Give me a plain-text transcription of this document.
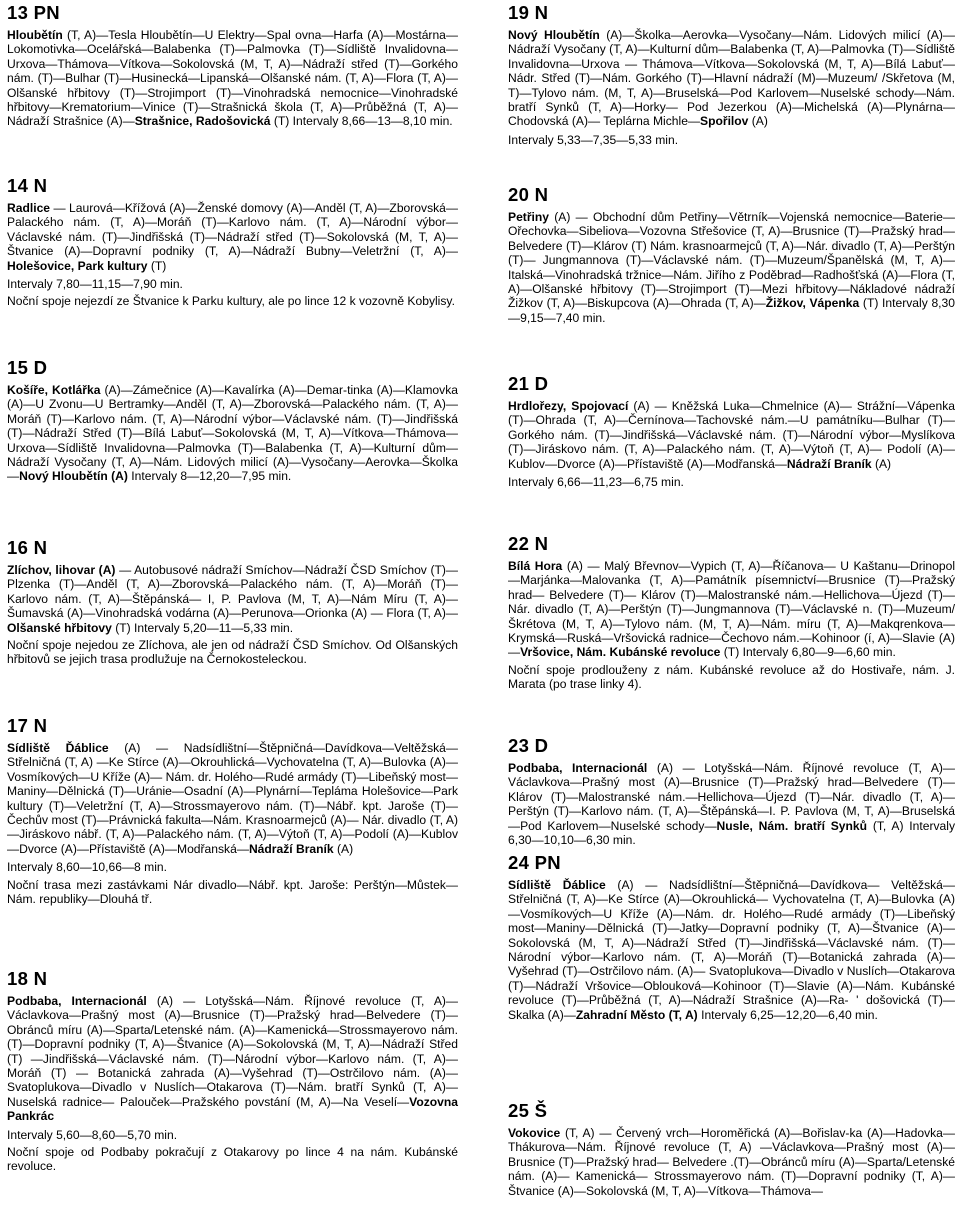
13 PN

Hloubětín (T, A)—Tesla Hloubětín—U Elektry—Spal ovna—Harfa (A)—Mostárna—Lokomotivka—Ocelářská—Balabenka (T)—Palmovka (T)—Sídliště Invalidovna—Urxova—Thámova—Vítkova—Sokolovská (M, T, A)—Nádraží střed (T)—Gorkého nám. (T)—Bulhar (T)—Husinecká—Lipanská—Olšanské nám. (T, A)—Flora (T, A)—Olšanské hřbitovy (T)—Strojimport (T)—Vinohradská nemocnice—Vinohradské hřbitovy—Krematorium—Vinice (T)—Strašnická škola (T, A)—Průběžná (T, A)—Nádraží Strašnice (A)—Strašnice, Radošovická (T) Intervaly 8,66—13—8,10 min.

14 N

Radlice — Laurová—Křížová (A)—Ženské domovy (A)—Anděl (T, A)—Zborovská—Palackého nám. (T, A)—Moráň (T)—Karlovo nám. (T, A)—Národní výbor—Václavské nám. (T)—Jindřišská (T)—Nádraží střed (T)—Sokolovská (M, T, A)—Štvanice (A)—Dopravní podniky (T, A)—Nádraží Bubny—Veletržní (T, A)—Holešovice, Park kultury (T)

Intervaly 7,80—11,15—7,90 min.

Noční spoje nejezdí ze Štvanice k Parku kultury, ale po lince 12 k vozovně Kobylisy.

15 D

Košíře, Kotlářka (A)—Zámečnice (A)—Kavalírka (A)—Demar-tinka (A)—Klamovka (A)—U Zvonu—U Bertramky—Anděl (T, A)—Zborovská—Palackého nám. (T, A)—Moráň (T)—Karlovo nám. (T, A)—Národní výbor—Václavské nám. (T)—Jindřišská (T)—Nádraží Střed (T)—Bílá Labuť—Sokolovská (M, T, A)—Vítkova—Thámova—Urxova—Sídliště Invalidovna—Palmovka (T)—Balabenka (T, A)—Kulturní dům—Nádraží Vysočany (T, A)—Nám. Lidových milicí (A)—Vysočany—Aerovka—Školka—Nový Hloubětín (A) Intervaly 8—12,20—7,95 min.

16 N

Zlíchov, lihovar (A) — Autobusové nádraží Smíchov—Nádraží ČSD Smíchov (T)—Plzenka (T)—Anděl (T, A)—Zborovská—Palackého nám. (T, A)—Moráň (T)—Karlovo nám. (T, A)—Štěpánská— I, P. Pavlova (M, T, A)—Nám Míru (T, A)—Šumavská (A)—Vinohradská vodárna (A)—Perunova—Orionka (A) — Flora (T, A)—Olšanské hřbitovy (T) Intervaly 5,20—11—5,33 min.

Noční spoje nejedou ze Zlíchova, ale jen od nádraží ČSD Smíchov. Od Olšanských hřbitovů se jejich trasa prodlužuje na Černokosteleckou.

17 N

Sídliště Ďáblice (A) — Nadsídlištní—Štěpničná—Davídkova—Veltěžská—Střelničná (T, A) —Ke Stírce (A)—Okrouhlická—Vychovatelna (T, A)—Bulovka (A)—Vosmíkových—U Kříže (A)— Nám. dr. Holého—Rudé armády (T)—Libeňský most—Maniny—Dělnická (T)—Uránie—Osadní (A)—Plynární—Tepláma Holešovice—Park kultury (T)—Veletržní (T, A)—Strossmayerovo nám. (T)—Nábř. kpt. Jaroše (T)—Čechův most (T)—Právnická fakulta—Nám. Krasnoarmejců (A)— Nár. divadlo (T, A)—Jiráskovo nábř. (T, A)—Palackého nám. (T, A)—Výtoň (T, A)—Podolí (A)—Kublov—Dvorce (A)—Přístaviště (A)—Modřanská—Nádraží Braník (A)

Intervaly 8,60—10,66—8 min.

Noční trasa mezi zastávkami Nár divadlo—Nábř. kpt. Jaroše: Perštýn—Můstek—Nám. republiky—Dlouhá tř.

18 N

Podbaba, Internacionál (A) — Lotyšská—Nám. Říjnové revoluce (T, A)—Václavkova—Prašný most (A)—Brusnice (T)—Pražský hrad—Belvedere (T)—Obránců míru (A)—Sparta/Letenské nám. (A)—Kamenická—Strossmayerovo nám. (T)—Dopravní podniky (T, A)—Štvanice (A)—Sokolovská (M, T, A)—Nádraží Střed (T) —Jindřišská—Václavské nám. (T)—Národní výbor—Karlovo nám. (T, A)— Moráň (T) — Botanická zahrada (A)—Vyšehrad (T)—Ostrčilovo nám. (A)—Svatoplukova—Divadlo v Nuslích—Otakarova (T)—Nám. bratří Synků (T, A)—Nuselská radnice— Palouček—Pražského povstání (M, A)—Na Veselí—Vozovna Pankrác

Intervaly 5,60—8,60—5,70 min.

Noční spoje od Podbaby pokračují z Otakarovy po lince 4 na nám. Kubánské revoluce.

19 N

Nový Hloubětín (A)—Školka—Aerovka—Vysočany—Nám. Lidových milicí (A)—Nádraží Vysočany (T, A)—Kulturní dům—Balabenka (T, A)—Palmovka (T)—Sídliště Invalidovna—Urxova — Thámova—Vítkova—Sokolovská (M, T, A)—Bílá Labuť—Nádr. Střed (T)—Nám. Gorkého (T)—Hlavní nádraží (M)—Muzeum/ /Skřetova (M, T)—Tylovo nám. (M, T, A)—Bruselská—Pod Karlovem—Nuselské schody—Nám. bratří Synků (T, A)—Horky— Pod Jezerkou (A)—Michelská (A)—Plynárna—Chodovská (A)— Teplárna Michle—Spořilov (A)

Intervaly 5,33—7,35—5,33 min.

20 N

Petřiny (A) — Obchodní dům Petřiny—Větrník—Vojenská nemocnice—Baterie—Ořechovka—Sibeliova—Vozovna Střešovice (T, A)—Brusnice (T)—Pražský hrad—Belvedere (T)—Klárov (T) Nám. krasnoarmejců (T, A)—Nár. divadlo (T, A)—Perštýn (T)— Jungmannova (T)—Václavské nám. (T)—Muzeum/Španělská (M, T, A)—Italská—Vinohradská tržnice—Nám. Jiřího z Poděbrad—Radhošťská (A)—Flora (T, A)—Olšanské hřbitovy (T)—Strojimport (T)—Mezi hřbitovy—Nákladové nádraží Žižkov (T, A)—Biskupcova (A)—Ohrada (T, A)—Žižkov, Vápenka (T) Intervaly 8,30—9,15—7,40 min.

21 D

Hrdlořezy, Spojovací (A) — Kněžská Luka—Chmelnice (A)— Strážní—Vápenka (T)—Ohrada (T, A)—Černínova—Tachovské nám.—U památníku—Bulhar (T)—Gorkého nám. (T)—Jindřišská—Václavské nám. (T)—Národní výbor—Myslíkova (T)—Jiráskovo nám. (T, A)—Palackého nám. (T, A)—Výtoň (T, A)— Podolí (A)—Kublov—Dvorce (A)—Přístaviště (A)—Modřanská—Nádraží Braník (A)

Intervaly 6,66—11,23—6,75 min.

22 N

Bílá Hora (A) — Malý Břevnov—Vypich (T, A)—Říčanova— U Kaštanu—Drinopol—Marjánka—Malovanka (T, A)—Památník písemnictví—Brusnice (T)—Pražský hrad— Belvedere (T)— Klárov (T)—Malostranské nám.—Hellichova—Újezd (T)—Nár. divadlo (T, A)—Perštýn (T)—Jungmannova (T)—Václavské n. (T)—Muzeum/Škrétova (M, T, A)—Tylovo nám. (M, T, A)—Nám. míru (T, A)—Makqrenkova—Krymská—Ruská—Vršovická radnice—Čechovo nám.—Kohinoor (í, A)—Slavie (A)—Vršovice, Nám. Kubánské revoluce (T) Intervaly 6,80—9—6,60 min.

Noční spoje prodlouženy z nám. Kubánské revoluce až do Hostivaře, nám. J. Marata (po trase linky 4).

23 D

Podbaba, Internacionál (A) — Lotyšská—Nám. Říjnové revoluce (T, A)—Václavkova—Prašný most (A)—Brusnice (T)—Pražský hrad—Belvedere (T)—Klárov (T)—Malostranské nám.—Hellichova—Újezd (T)—Nár. divadlo (T, A)— Perštýn (T)—Karlovo nám. (T, A)—Štěpánská—I. P. Pavlova (M, T, A)—Bruselská—Pod Karlovem—Nuselské schody—Nusle, Nám. bratří Synků (T, A) Intervaly 6,30—10,10—6,30 min.

24 PN

Sídliště Ďáblice (A) — Nadsídlištní—Štěpničná—Davídkova— Veltěžská—Střelničná (T, A)—Ke Stírce (A)—Okrouhlická— Vychovatelna (T, A)—Bulovka (A)—Vosmíkových—U Kříže (A)—Nám. dr. Holého—Rudé armády (T)—Libeňský most—Maniny—Dělnická (T)—Jatky—Dopravní podniky (T, A)—Štvanice (A)— Sokolovská (M, T, A)—Nádraží Střed (T)—Jindřišská—Václavské nám. (T)—Národní výbor—Karlovo nám. (T, A)—Moráň (T)—Botanická zahrada (A)—Vyšehrad (T)—Ostrčilovo nám. (A)— Svatoplukova—Divadlo v Nuslích—Otakarova (T)—Nádraží Vršovice—Oblouková—Kohinoor (T)—Slavie (A)—Nám. Kubánské revoluce (T)—Průběžná (T, A)—Nádraží Strašnice (A)—Ra- ' došovická (T)—Skalka (A)—Zahradní Město (T, A) Intervaly 6,25—12,20—6,40 min.

25 Š

Vokovice (T, A) — Červený vrch—Horoměřická (A)—Bořislav-ka (A)—Hadovka—Thákurova—Nám. Říjnové revoluce (T, A) —Václavkova—Prašný most (A)—Brusnice (T)—Pražský hrad— Belvedere .(T)—Obránců míru (A)—Sparta/Letenské nám. (A)— Kamenická— Strossmayerovo nám. (T)—Dopravní podniky (T, A)— Štvanice (A)—Sokolovská (M, T, A)—Vítkova—Thámova—
